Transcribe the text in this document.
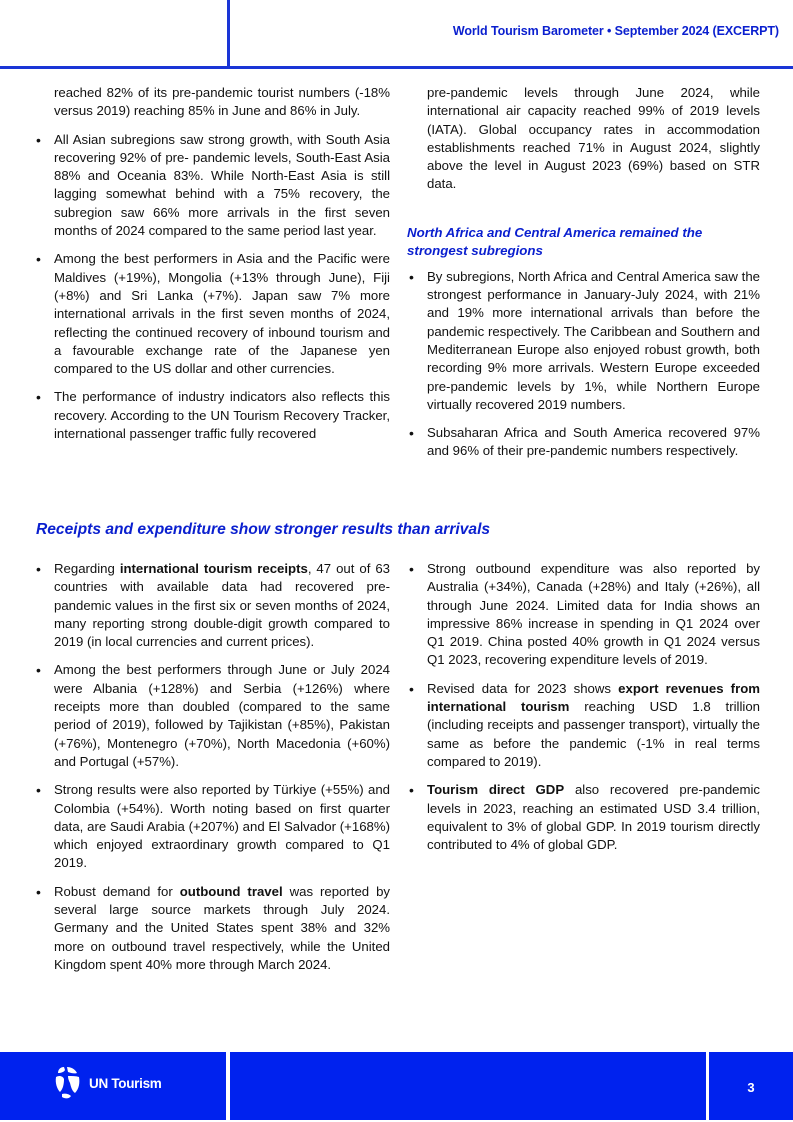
World Tourism Barometer • September 2024 (EXCERPT)

reached 82% of its pre-pandemic tourist numbers (-18% versus 2019) reaching 85% in June and 86% in July.

• All Asian subregions saw strong growth, with South Asia recovering 92% of pre- pandemic levels, South-East Asia 88% and Oceania 83%. While North-East Asia is still lagging somewhat behind with a 75% recovery, the subregion saw 66% more arrivals in the first seven months of 2024 compared to the same period last year.
• Among the best performers in Asia and the Pacific were Maldives (+19%), Mongolia (+13% through June), Fiji (+8%) and Sri Lanka (+7%). Japan saw 7% more international arrivals in the first seven months of 2024, reflecting the continued recovery of inbound tourism and a favourable exchange rate of the Japanese yen compared to the US dollar and other currencies.
• The performance of industry indicators also reflects this recovery. According to the UN Tourism Recovery Tracker, international passenger traffic fully recovered

pre-pandemic levels through June 2024, while international air capacity reached 99% of 2019 levels (IATA). Global occupancy rates in accommodation establishments reached 71% in August 2024, slightly above the level in August 2023 (69%) based on STR data.

North Africa and Central America remained the strongest subregions

• By subregions, North Africa and Central America saw the strongest performance in January-July 2024, with 21% and 19% more international arrivals than before the pandemic respectively. The Caribbean and Southern and Mediterranean Europe also enjoyed robust growth, both recording 9% more arrivals. Western Europe exceeded pre-pandemic levels by 1%, while Northern Europe virtually recovered 2019 numbers.
• Subsaharan Africa and South America recovered 97% and 96% of their pre-pandemic numbers respectively.
Receipts and expenditure show stronger results than arrivals
• Regarding international tourism receipts, 47 out of 63 countries with available data had recovered pre-pandemic values in the first six or seven months of 2024, many reporting strong double-digit growth compared to 2019 (in local currencies and current prices).
• Among the best performers through June or July 2024 were Albania (+128%) and Serbia (+126%) where receipts more than doubled (compared to the same period of 2019), followed by Tajikistan (+85%), Pakistan (+76%), Montenegro (+70%), North Macedonia (+60%) and Portugal (+57%).
• Strong results were also reported by Türkiye (+55%) and Colombia (+54%). Worth noting based on first quarter data, are Saudi Arabia (+207%) and El Salvador (+168%) which enjoyed extraordinary growth compared to Q1 2019.
• Robust demand for outbound travel was reported by several large source markets through July 2024. Germany and the United States spent 38% and 32% more on outbound travel respectively, while the United Kingdom spent 40% more through March 2024.
• Strong outbound expenditure was also reported by Australia (+34%), Canada (+28%) and Italy (+26%), all through June 2024. Limited data for India shows an impressive 86% increase in spending in Q1 2024 over Q1 2019. China posted 40% growth in Q1 2024 versus Q1 2023, recovering expenditure levels of 2019.
• Revised data for 2023 shows export revenues from international tourism reaching USD 1.8 trillion (including receipts and passenger transport), virtually the same as before the pandemic (-1% in real terms compared to 2019).
• Tourism direct GDP also recovered pre-pandemic levels in 2023, reaching an estimated USD 3.4 trillion, equivalent to 3% of global GDP. In 2019 tourism directly contributed to 4% of global GDP.
UN Tourism	3
